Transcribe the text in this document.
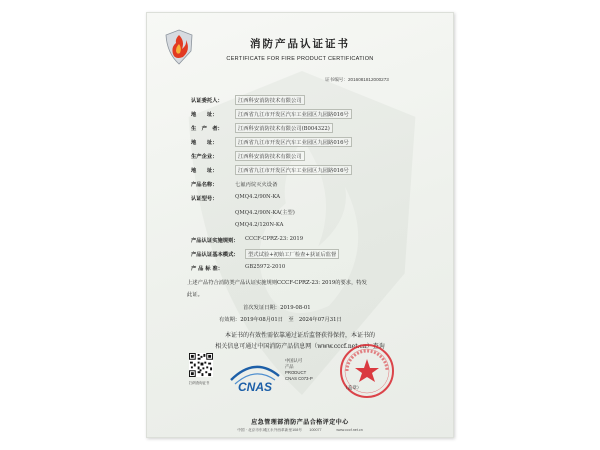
消防产品认证证书
CERTIFICATE FOR FIRE PRODUCT CERTIFICATION
证书编号：2016081812000273
认证委托人：	江西科安消防技术有限公司
地　　址：	江西省九江市开发区汽车工业园区九园路016号
生　产　者：	江西科安消防技术有限公司(B004322)
地　　址：	江西省九江市开发区汽车工业园区九园路016号
生产企业：	江西科安消防技术有限公司
地　　址：	江西省九江市开发区汽车工业园区九园路016号
产品名称：	七氟丙烷灭火设备
认证型号：	QMQ4.2/90N-KA
QMQ4.2/90N-KA(主型)
QMQ4.2/120N-KA
产品认证实施规则： CCCF-CPRZ-23: 2019
产品认证基本模式：	型式试验+初始工厂检查+获证后监督
产 品 标 准：	GB25972-2010
上述产品符合消防类产品认证实施规则CCCF-CPRZ-23: 2019的要求，特发
此证。
首次发证日期：2019-08-01
有效期：2019年08月01日　至　2024年07月31日
本证书的有效性需依靠通过证后监督获得保持，本证书的
相关信息可通过中国消防产品信息网（www.cccf.net.cn）查询
扫码查询证书 CNAS
中国认可
产品
PRODUCT
CNAS C073-P
（盖章）
应急管理部消防产品合格评定中心
中国 · 北京市东城区永外西革新里108号　　100077　　　　www.cccf.net.cn
